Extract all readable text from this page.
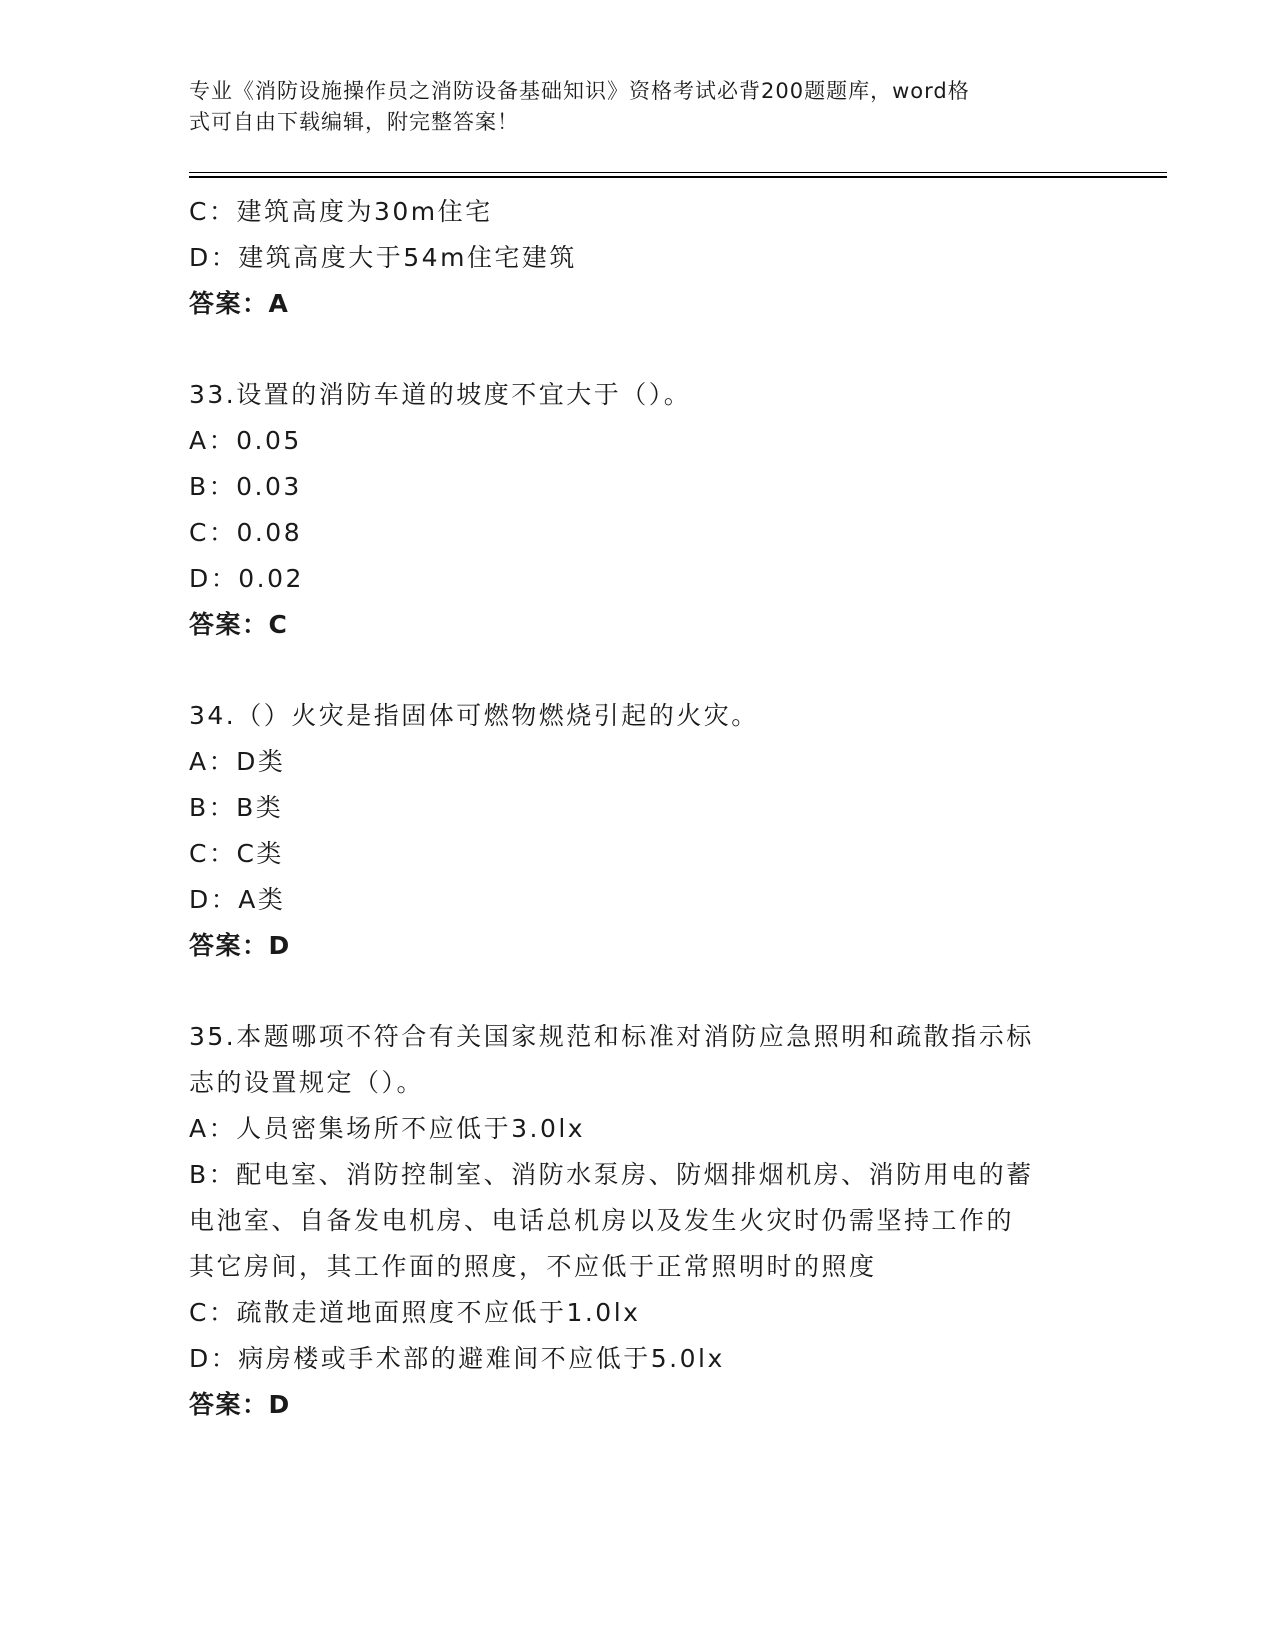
专业《消防设施操作员之消防设备基础知识》资格考试必背200题题库，word格
式可自由下载编辑，附完整答案！
C：建筑高度为30m住宅
D：建筑高度大于54m住宅建筑
答案：A
33.设置的消防车道的坡度不宜大于（）。
A：0.05
B：0.03
C：0.08
D：0.02
答案：C
34.（）火灾是指固体可燃物燃烧引起的火灾。
A：D类
B：B类
C：C类
D：A类
答案：D
35.本题哪项不符合有关国家规范和标准对消防应急照明和疏散指示标
志的设置规定（）。
A：人员密集场所不应低于3.0lx
B：配电室、消防控制室、消防水泵房、防烟排烟机房、消防用电的蓄
电池室、自备发电机房、电话总机房以及发生火灾时仍需坚持工作的
其它房间，其工作面的照度，不应低于正常照明时的照度
C：疏散走道地面照度不应低于1.0lx
D：病房楼或手术部的避难间不应低于5.0lx
答案：D
